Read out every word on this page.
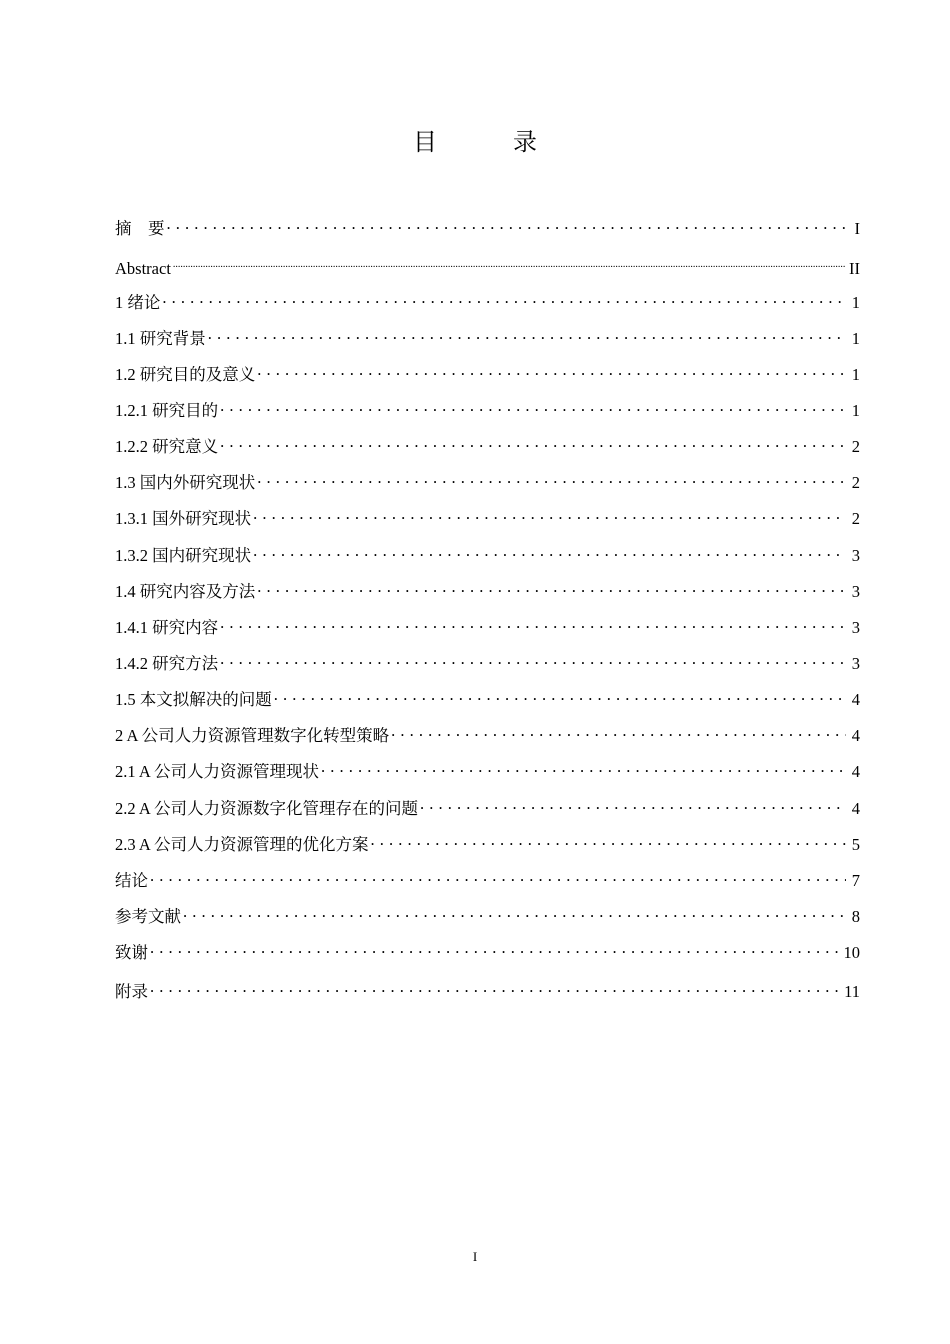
目　录
摘　要 . . .	I
Abstract .....	II
1 绪论 . . .	1
1.1 研究背景 . . .	1
1.2 研究目的及意义 . . .	1
1.2.1 研究目的 . . .	1
1.2.2 研究意义 . . .	2
1.3 国内外研究现状 . . .	2
1.3.1 国外研究现状 . . .	2
1.3.2 国内研究现状 . . .	3
1.4 研究内容及方法 . . .	3
1.4.1 研究内容 . . .	3
1.4.2 研究方法 . . .	3
1.5 本文拟解决的问题 . . .	4
2 A 公司人力资源管理数字化转型策略 . . .	4
2.1 A 公司人力资源管理现状 . . .	4
2.2 A 公司人力资源数字化管理存在的问题 . . .	4
2.3 A 公司人力资源管理的优化方案 . . .	5
结论 . . .	7
参考文献 . . .	8
致谢 . . .	10
附录 . . .	11
I
